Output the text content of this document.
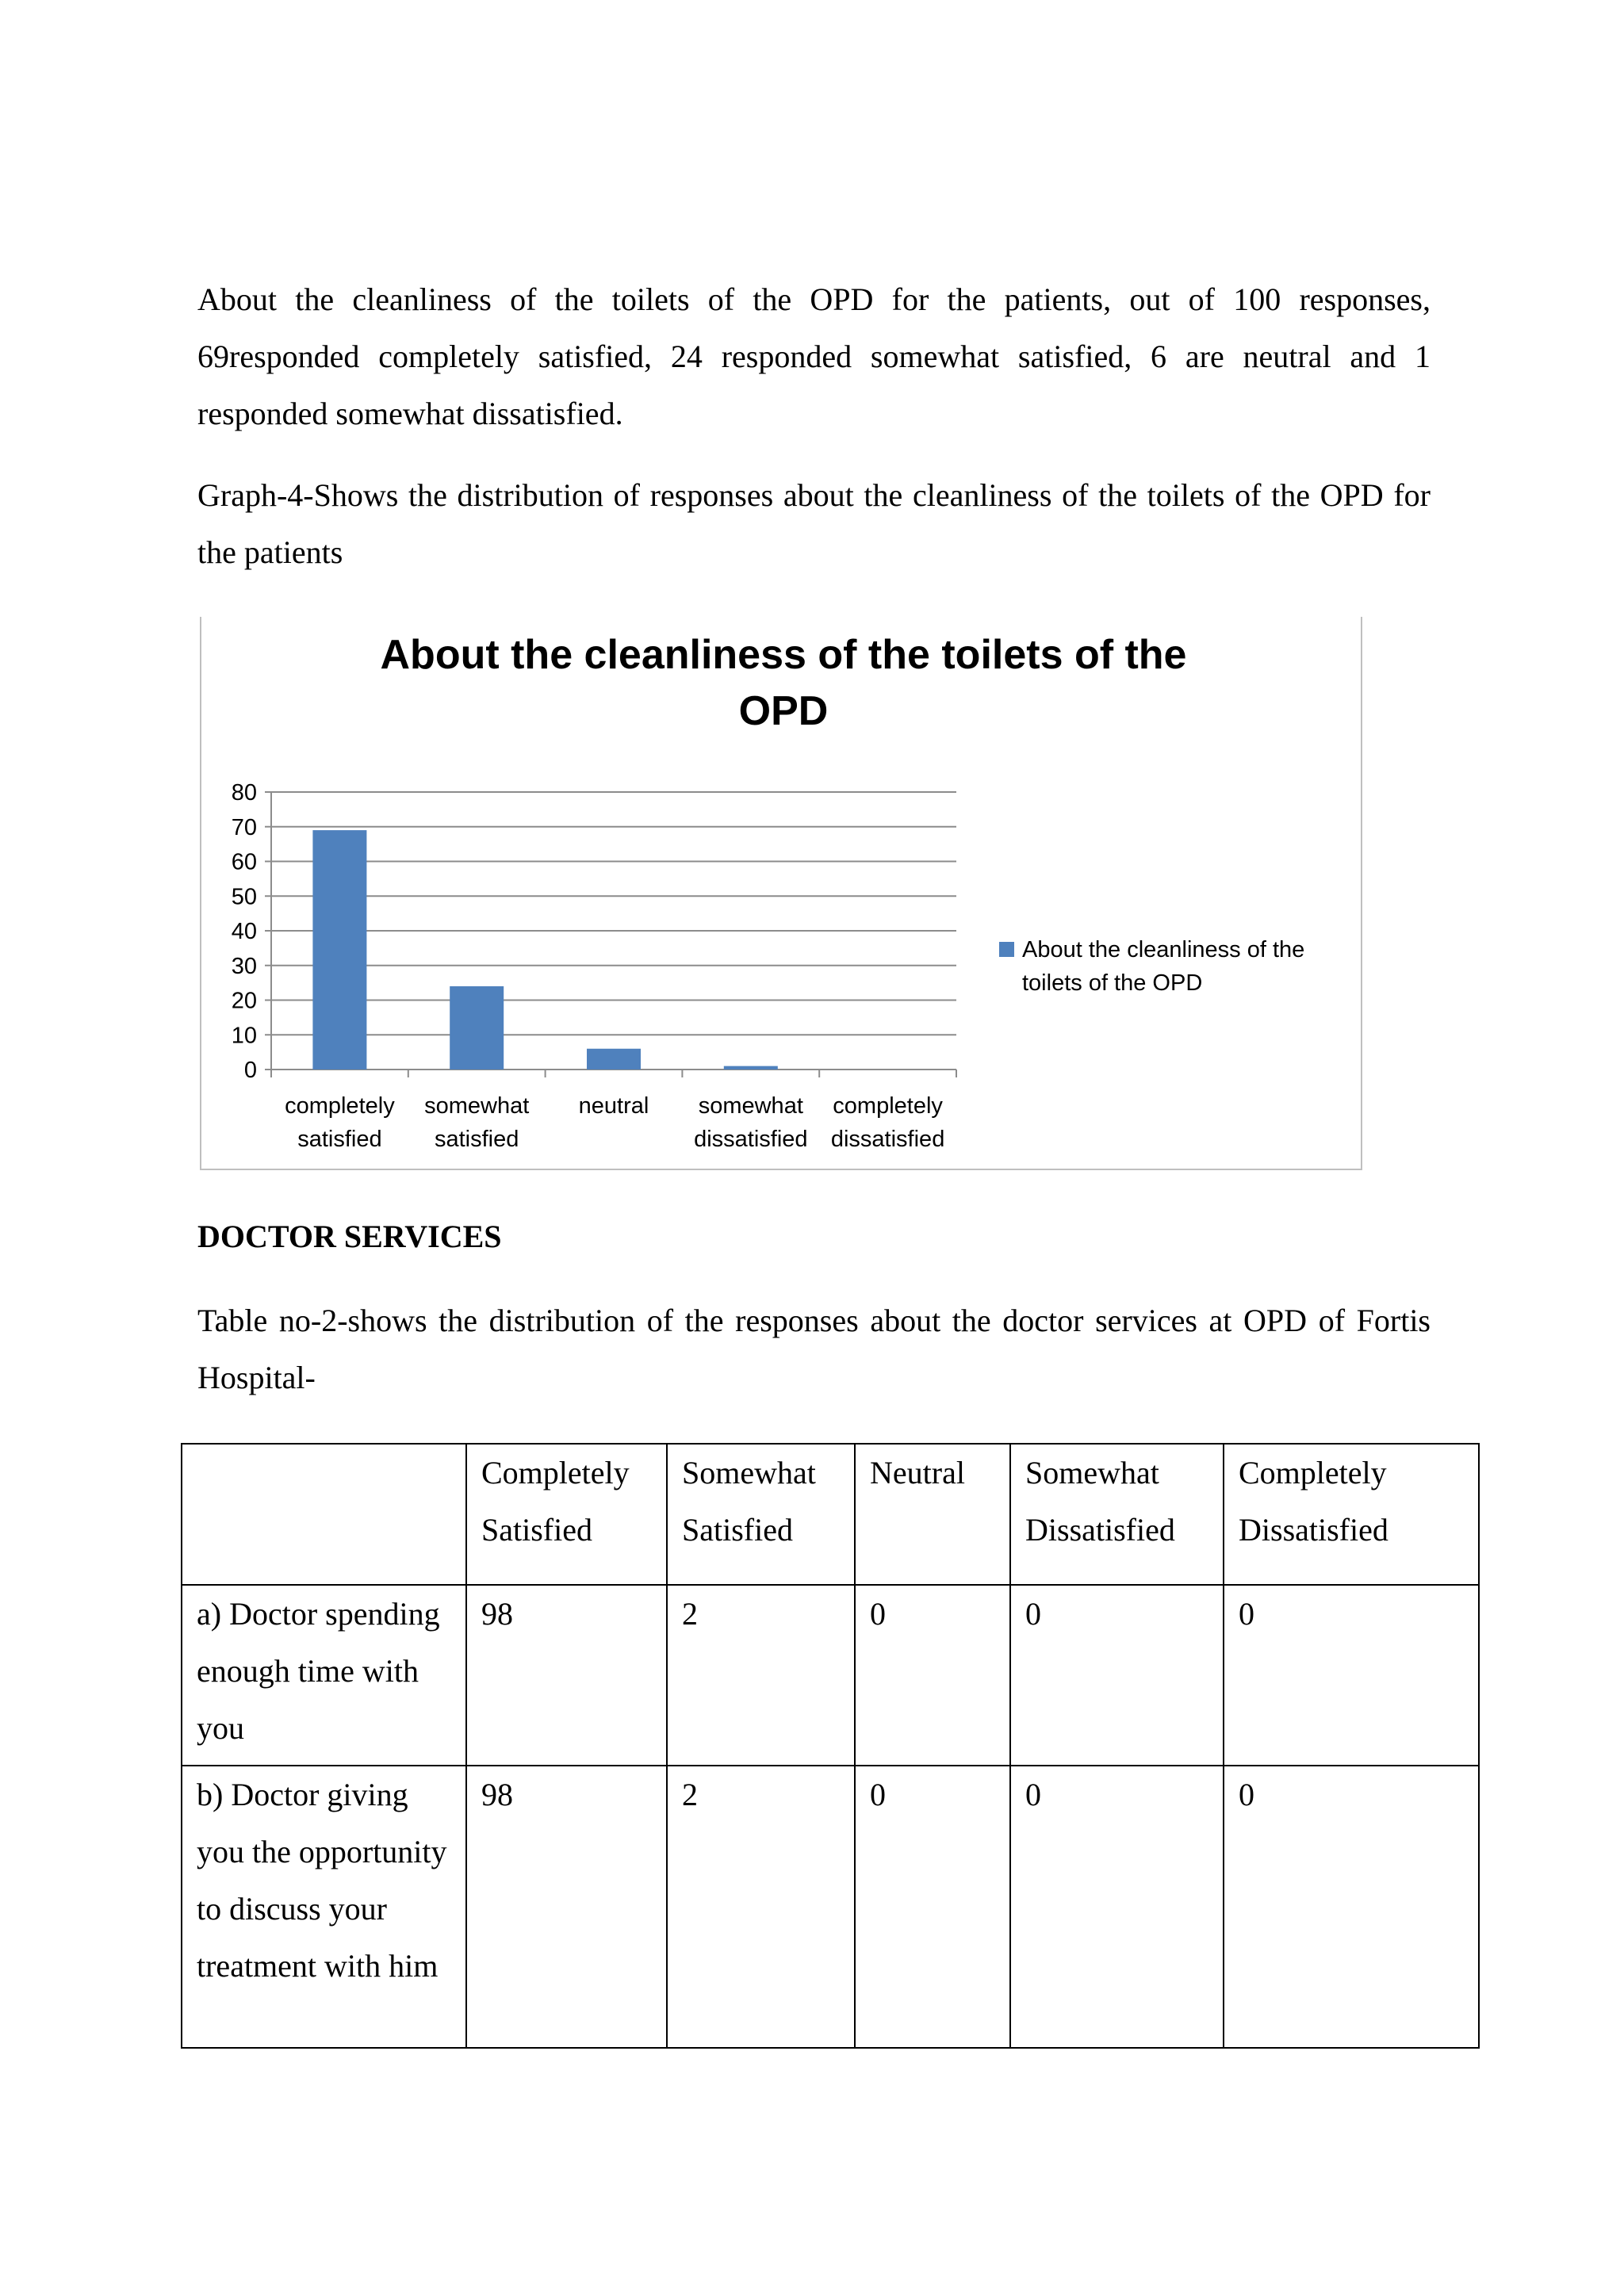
About the cleanliness of the toilets of the OPD for the patients, out of 100 responses, 69responded completely satisfied, 24 responded somewhat satisfied, 6 are neutral and 1 responded somewhat dissatisfied.

Graph-4-Shows the distribution of responses about the cleanliness of the toilets of the OPD for the patients

About the cleanliness of the toilets of the
OPD
0
10
20
30
40
50
60
70
80
completely
satisfied
somewhat
satisfied
neutral somewhat
dissatisfied
completely
dissatisfied
About the cleanliness of the
toilets of the OPD

DOCTOR SERVICES

Table no-2-shows the distribution of the responses about the doctor services at OPD of Fortis Hospital-

	Completely
Satisfied	Somewhat
Satisfied	Neutral	Somewhat
Dissatisfied	Completely
Dissatisfied

a) Doctor spending enough time with you	98	2	0	0	0
b) Doctor giving you the opportunity to discuss your treatment with him	98	2	0	0	0
